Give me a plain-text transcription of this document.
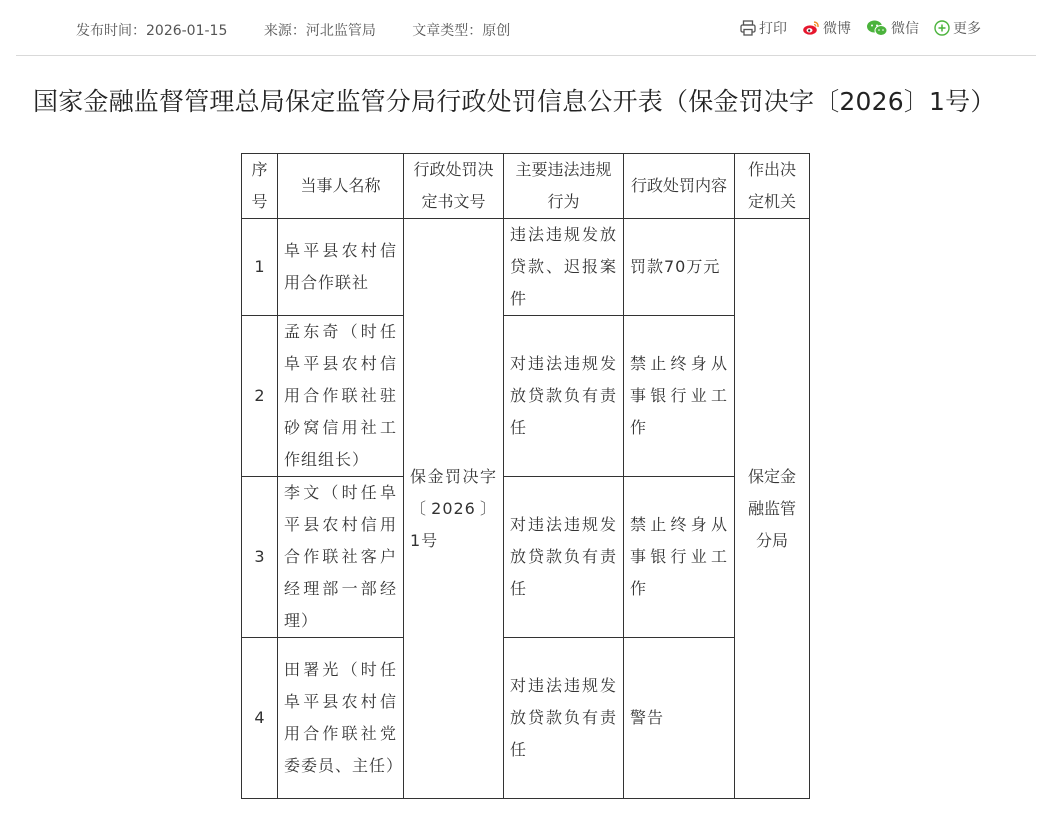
发布时间：2026-01-15	来源：河北监管局	文章类型：原创	打印	微博	微信 更多
国家金融监督管理总局保定监管分局行政处罚信息公开表（保金罚决字〔2026〕1号）
序号	当事人名称	行政处罚决定书文号	主要违法违规行为	行政处罚内容	作出决定机关
1	阜平县农村信用合作联社	保金罚决字〔2026〕1号	违法违规发放贷款、迟报案件	罚款70万元	保定金融监管分局
2	孟东奇（时任阜平县农村信用合作联社驻砂窝信用社工作组组长）		对违法违规发放贷款负有责任	禁止终身从事银行业工作	
3	李文（时任阜平县农村信用合作联社客户经理部一部经理）		对违法违规发放贷款负有责任	禁止终身从事银行业工作	
4	田署光（时任阜平县农村信用合作联社党委委员、主任）		对违法违规发放贷款负有责任	警告	
